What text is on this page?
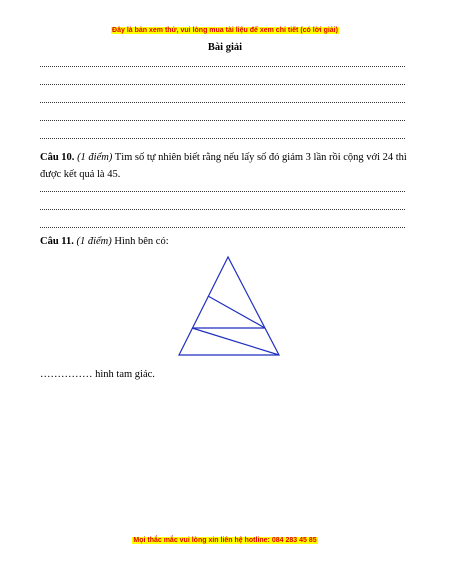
Đây là bản xem thử, vui lòng mua tài liệu để xem chi tiết (có lời giải)
Bài giải
Câu 10. (1 điểm) Tìm số tự nhiên biết rằng nếu lấy số đó giảm 3 lần rồi cộng với 24 thì
được kết quả là 45.
Câu 11. (1 điểm) Hình bên có:
…………… hình tam giác.
Mọi thắc mắc vui lòng xin liên hệ hotline: 084 283 45 85
